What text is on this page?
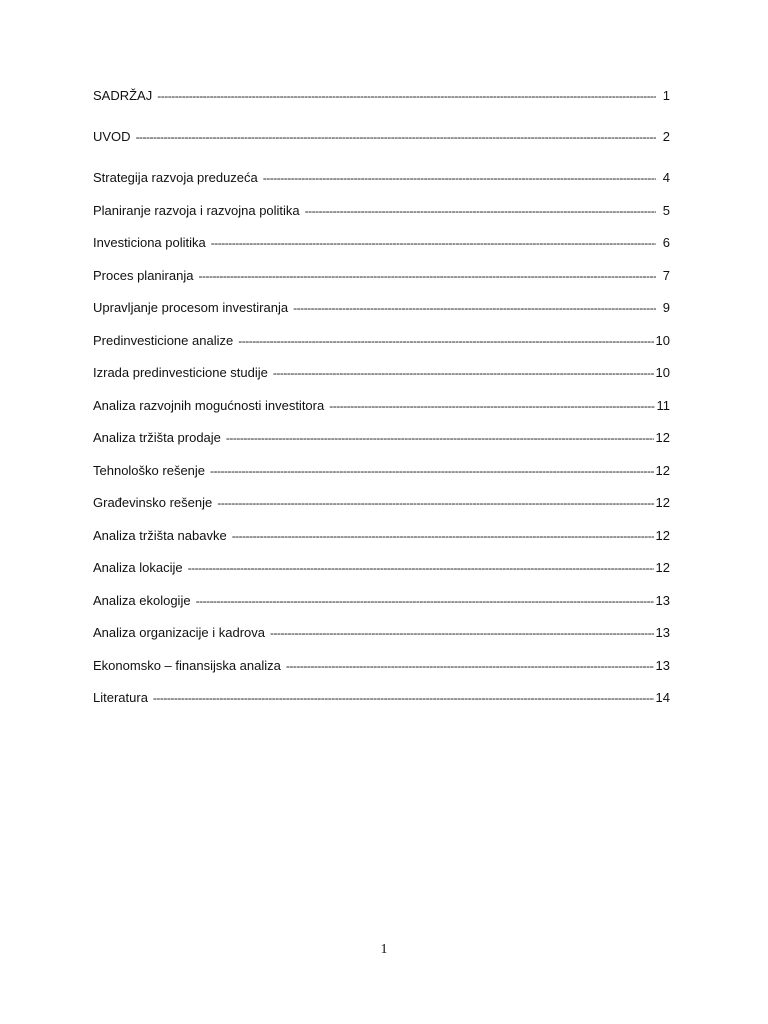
SADRŽAJ -----	1
UVOD -----	2
Strategija razvoja preduzeća -----	4
Planiranje razvoja i razvojna politika -----	5
Investiciona politika -----	6
Proces planiranja -----	7
Upravljanje procesom investiranja -----	9
Predinvesticione analize -----	10
Izrada predinvesticione studije -----	10
Analiza razvojnih mogućnosti investitora -----	11
Analiza tržišta prodaje -----	12
Tehnološko rešenje -----	12
Građevinsko rešenje -----	12
Analiza tržišta nabavke -----	12
Analiza lokacije -----	12
Analiza ekologije -----	13
Analiza organizacije i kadrova -----	13
Ekonomsko – finansijska analiza -----	13
Literatura -----	14
1
